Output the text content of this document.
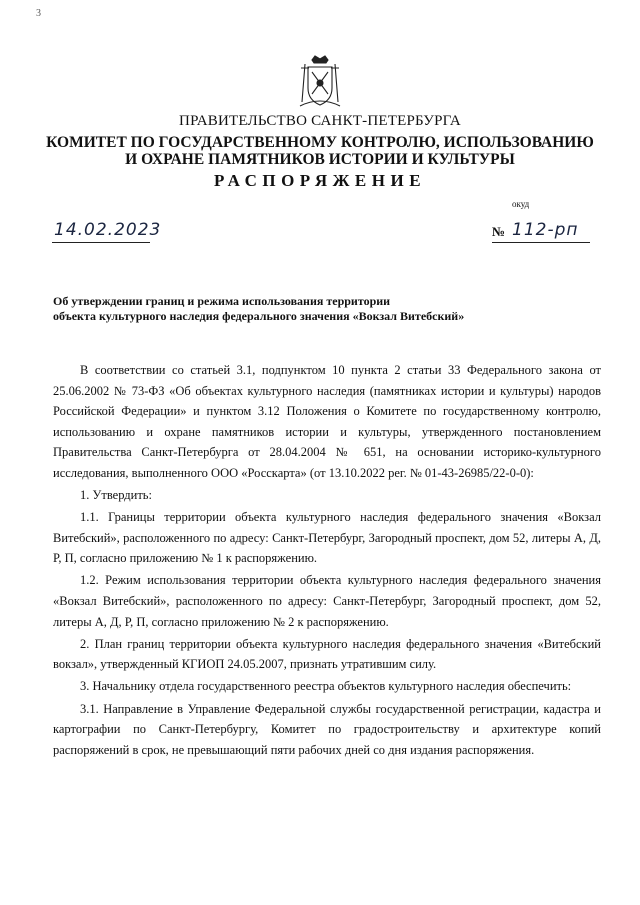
3
ПРАВИТЕЛЬСТВО САНКТ-ПЕТЕРБУРГА
КОМИТЕТ ПО ГОСУДАРСТВЕННОМУ КОНТРОЛЮ, ИСПОЛЬЗОВАНИЮ
И ОХРАНЕ ПАМЯТНИКОВ ИСТОРИИ И КУЛЬТУРЫ
РАСПОРЯЖЕНИЕ
окуд
14.02.2023	№ 112-рп
Об утверждении границ и режима использования территории
объекта культурного наследия федерального значения «Вокзал Витебский»

В соответствии со статьей 3.1, подпунктом 10 пункта 2 статьи 33 Федерального закона от 25.06.2002 № 73-ФЗ «Об объектах культурного наследия (памятниках истории и культуры) народов Российской Федерации» и пунктом 3.12 Положения о Комитете по государственному контролю, использованию и охране памятников истории и культуры, утвержденного постановлением Правительства Санкт-Петербурга от 28.04.2004 № 651, на основании историко-культурного исследования, выполненного ООО «Росскарта» (от 13.10.2022 рег. № 01-43-26985/22-0-0):

1. Утвердить:

1.1. Границы территории объекта культурного наследия федерального значения «Вокзал Витебский», расположенного по адресу: Санкт-Петербург, Загородный проспект, дом 52, литеры А, Д, Р, П, согласно приложению № 1 к распоряжению.

1.2. Режим использования территории объекта культурного наследия федерального значения «Вокзал Витебский», расположенного по адресу: Санкт-Петербург, Загородный проспект, дом 52, литеры А, Д, Р, П, согласно приложению № 2 к распоряжению.

2. План границ территории объекта культурного наследия федерального значения «Витебский вокзал», утвержденный КГИОП 24.05.2007, признать утратившим силу.

3. Начальнику отдела государственного реестра объектов культурного наследия обеспечить:

3.1. Направление в Управление Федеральной службы государственной регистрации, кадастра и картографии по Санкт-Петербургу, Комитет по градостроительству и архитектуре копий распоряжений в срок, не превышающий пяти рабочих дней со дня издания распоряжения.
